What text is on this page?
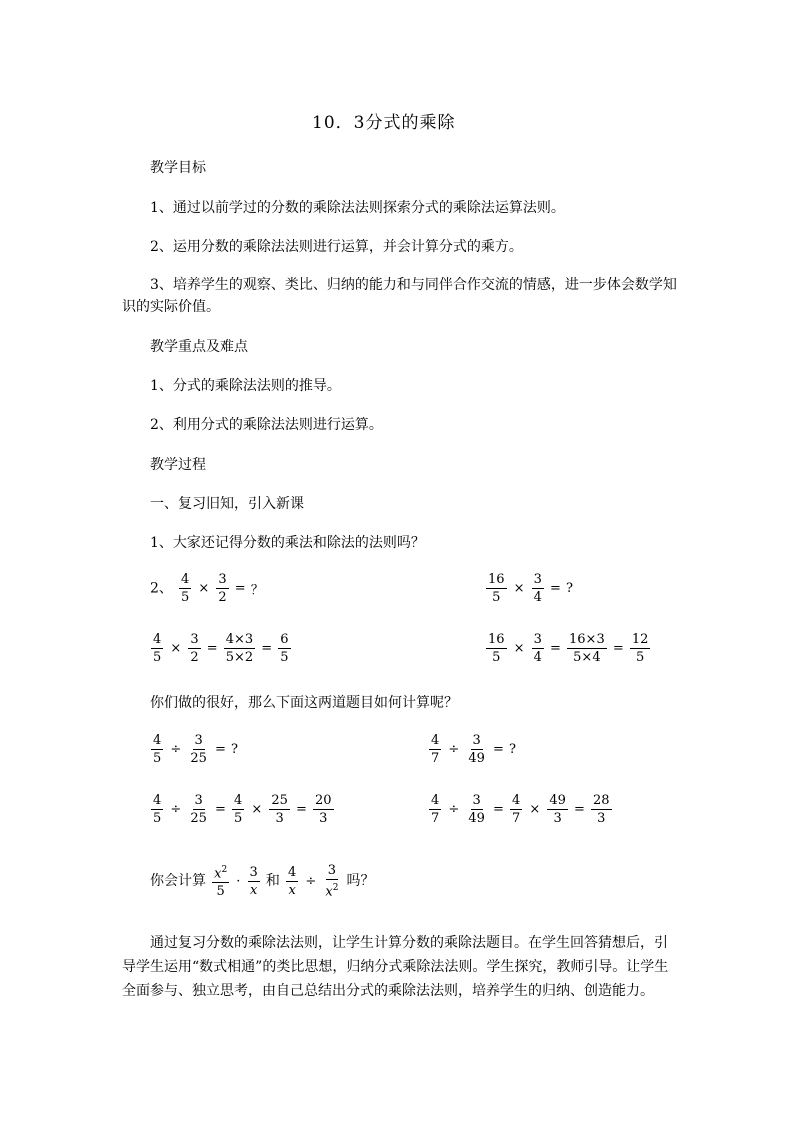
10．3分式的乘除
教学目标
1、通过以前学过的分数的乘除法法则探索分式的乘除法运算法则。
2、运用分数的乘除法法则进行运算，并会计算分式的乘方。
3、培养学生的观察、类比、归纳的能力和与同伴合作交流的情感，进一步体会数学知识的实际价值。
教学重点及难点
1、分式的乘除法法则的推导。
2、利用分式的乘除法法则进行运算。
教学过程
一、复习旧知，引入新课
1、大家还记得分数的乘法和除法的法则吗？
2、 $\frac{4}{5} \times \frac{3}{2}$ = ？	$\frac{16}{5} \times \frac{3}{4}$ = ?
$\frac{4}{5} \times \frac{3}{2} = \frac{4\times 3}{5\times 2} = \frac{6}{5}$	$\frac{16}{5} \times \frac{3}{4} = \frac{16\times 3}{5\times 4} = \frac{12}{5}$
你们做的很好，那么下面这两道题目如何计算呢？
$\frac{4}{5} \div \frac{3}{25}$ = ?	$\frac{4}{7} \div \frac{3}{49}$ = ?
$\frac{4}{5} \div \frac{3}{25} = \frac{4}{5} \times \frac{25}{3} = \frac{20}{3}$	$\frac{4}{7} \div \frac{3}{49} = \frac{4}{7} \times \frac{49}{3} = \frac{28}{3}$
你会计算 $\frac{x^2}{5} \cdot \frac{3}{x}$ 和 $\frac{4}{x} \div \frac{3}{x^2}$ 吗？
通过复习分数的乘除法法则，让学生计算分数的乘除法题目。在学生回答猜想后，引导学生运用“数式相通”的类比思想，归纳分式乘除法法则。学生探究，教师引导。让学生全面参与、独立思考，由自己总结出分式的乘除法法则，培养学生的归纳、创造能力。
